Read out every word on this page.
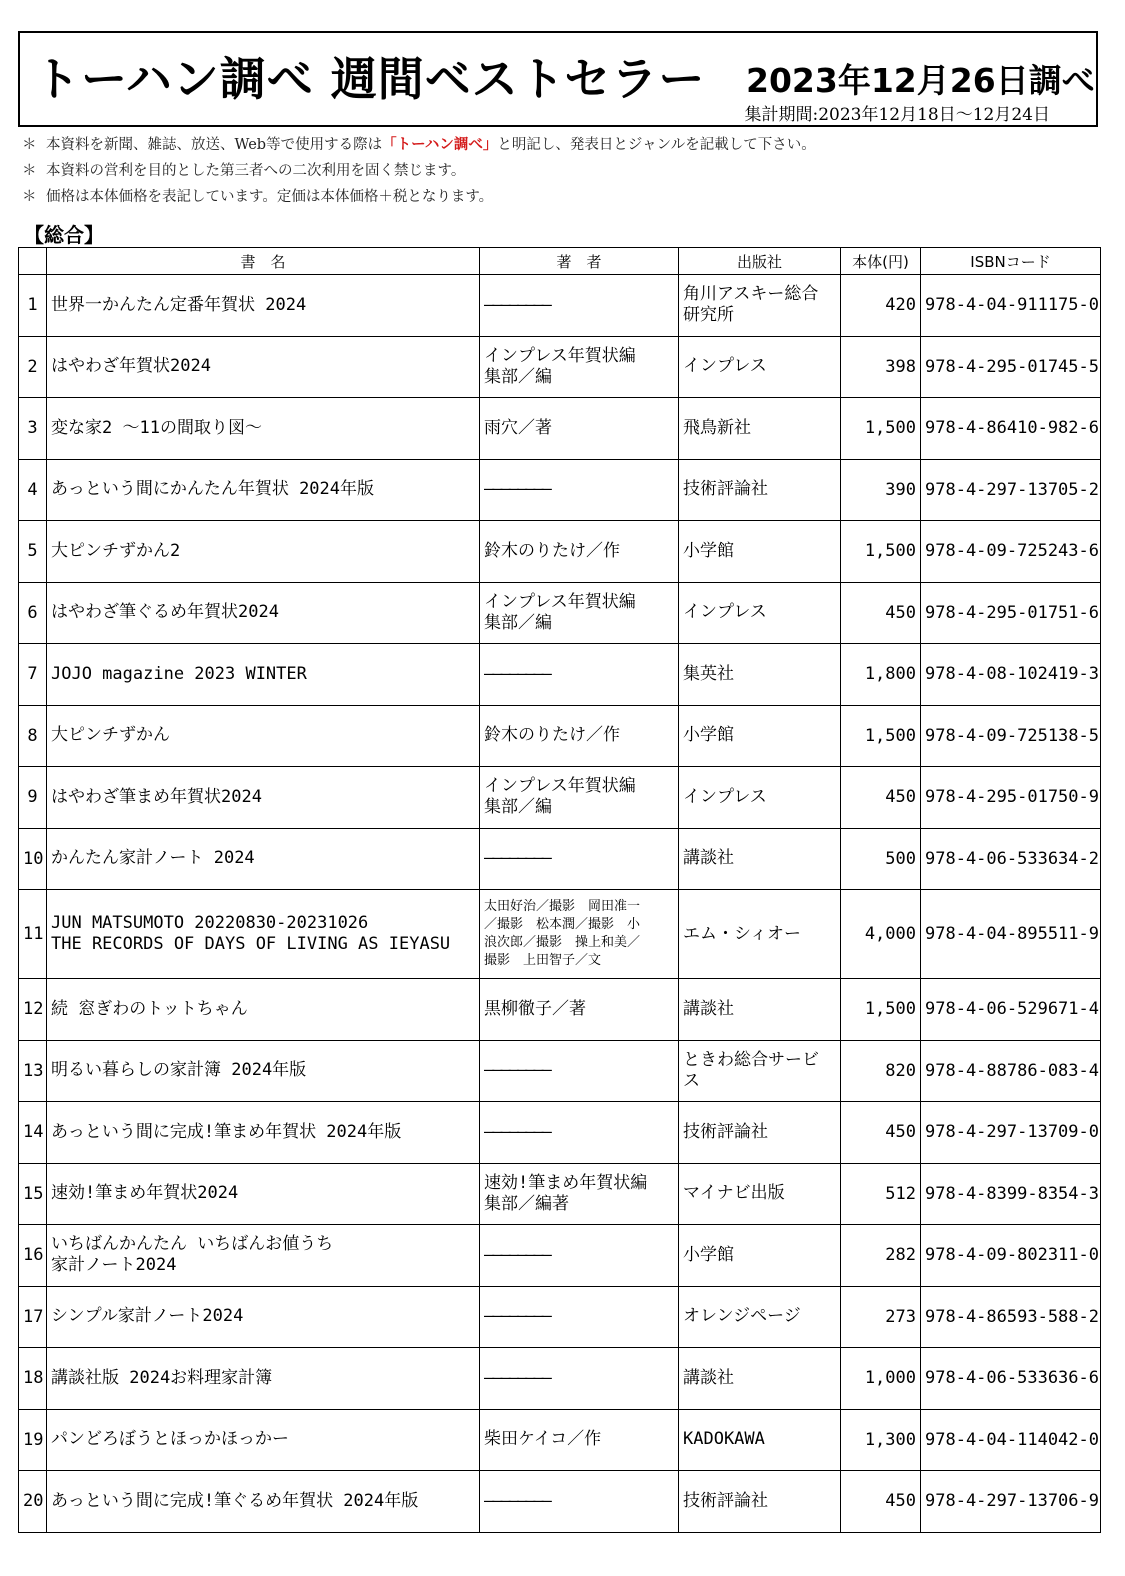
トーハン調べ 週間ベストセラー 2023年12月26日調べ
集計期間:2023年12月18日～12月24日
＊ 本資料を新聞、雑誌、放送、Web等で使用する際は「トーハン調べ」と明記し、発表日とジャンルを記載して下さい。
＊ 本資料の営利を目的とした第三者への二次利用を固く禁じます。
＊ 価格は本体価格を表記しています。定価は本体価格＋税となります。
【総合】
	書　名	著　者	出版社	本体(円)	ISBNコード
1	世界一かんたん定番年賀状 2024	――――――――	角川アスキー総合
研究所	420	978-4-04-911175-0
2	はやわざ年賀状2024	インプレス年賀状編
集部／編	インプレス	398	978-4-295-01745-5
3	変な家2 ～11の間取り図～	雨穴／著	飛鳥新社	1,500	978-4-86410-982-6
4	あっという間にかんたん年賀状 2024年版	――――――――	技術評論社	390	978-4-297-13705-2
5	大ピンチずかん2	鈴木のりたけ／作	小学館	1,500	978-4-09-725243-6
6	はやわざ筆ぐるめ年賀状2024	インプレス年賀状編
集部／編	インプレス	450	978-4-295-01751-6
7	JOJO magazine 2023 WINTER	――――――――	集英社	1,800	978-4-08-102419-3
8	大ピンチずかん	鈴木のりたけ／作	小学館	1,500	978-4-09-725138-5
9	はやわざ筆まめ年賀状2024	インプレス年賀状編
集部／編	インプレス	450	978-4-295-01750-9
10	かんたん家計ノート 2024	――――――――	講談社	500	978-4-06-533634-2
11	JUN MATSUMOTO 20220830-20231026
THE RECORDS OF DAYS OF LIVING AS IEYASU	太田好治／撮影　岡田准一
／撮影　松本潤／撮影　小
浪次郎／撮影　操上和美／
撮影　上田智子／文	エム・シィオー	4,000	978-4-04-895511-9
12	続 窓ぎわのトットちゃん	黒柳徹子／著	講談社	1,500	978-4-06-529671-4
13	明るい暮らしの家計簿 2024年版	――――――――	ときわ総合サービ
ス	820	978-4-88786-083-4
14	あっという間に完成!筆まめ年賀状 2024年版	――――――――	技術評論社	450	978-4-297-13709-0
15	速効!筆まめ年賀状2024	速効!筆まめ年賀状編
集部／編著	マイナビ出版	512	978-4-8399-8354-3
16	いちばんかんたん いちばんお値うち
家計ノート2024	――――――――	小学館	282	978-4-09-802311-0
17	シンプル家計ノート2024	――――――――	オレンジページ	273	978-4-86593-588-2
18	講談社版 2024お料理家計簿	――――――――	講談社	1,000	978-4-06-533636-6
19	パンどろぼうとほっかほっかー	柴田ケイコ／作	KADOKAWA	1,300	978-4-04-114042-0
20	あっという間に完成!筆ぐるめ年賀状 2024年版	――――――――	技術評論社	450	978-4-297-13706-9
